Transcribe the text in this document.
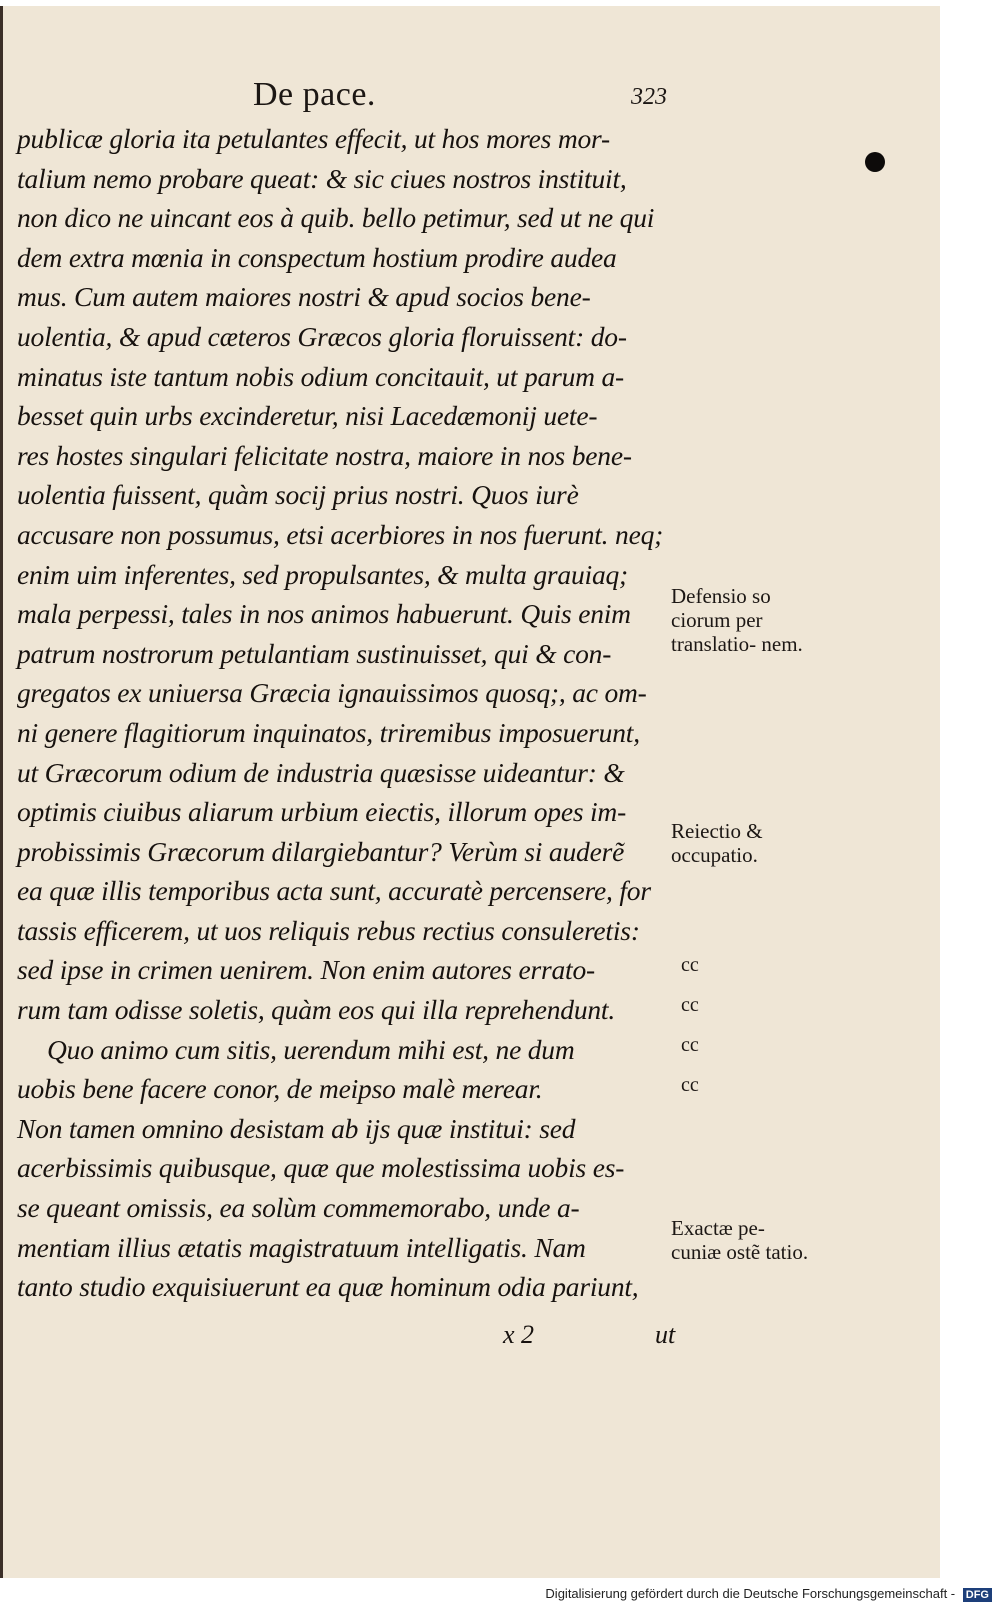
De pace.	323
publicæ gloria ita petulantes effecit, ut hos mores mor-
talium nemo probare queat: & sic ciues nostros instituit,
non dico ne uincant eos à quib. bello petimur, sed ut ne qui
dem extra mœnia in conspectum hostium prodire audea
mus. Cum autem maiores nostri & apud socios bene-
uolentia, & apud cæteros Græcos gloria floruissent: do-
minatus iste tantum nobis odium concitauit, ut parum a-
besset quin urbs excinderetur, nisi Lacedæmonij uete-
res hostes singulari felicitate nostra, maiore in nos bene-
uolentia fuissent, quàm socij prius nostri. Quos iurè
accusare non possumus, etsi acerbiores in nos fuerunt. neq;
enim uim inferentes, sed propulsantes, & multa grauiaq;
mala perpessi, tales in nos animos habuerunt. Quis enim
patrum nostrorum petulantiam sustinuisset, qui & con-
gregatos ex uniuersa Græcia ignauissimos quosq;, ac om-
ni genere flagitiorum inquinatos, triremibus imposuerunt,
ut Græcorum odium de industria quæsisse uideantur: &
optimis ciuibus aliarum urbium eiectis, illorum opes im-
probissimis Græcorum dilargiebantur? Verùm si auderẽ
ea quæ illis temporibus acta sunt, accuratè percensere, for
tassis efficerem, ut uos reliquis rebus rectius consuleretis:
sed ipse in crimen uenirem. Non enim autores errato-
rum tam odisse soletis, quàm eos qui illa reprehendunt.
Quo animo cum sitis, uerendum mihi est, ne dum
uobis bene facere conor, de meipso malè merear.
Non tamen omnino desistam ab ijs quæ institui: sed
acerbissimis quibusque, quæ que molestissima uobis es-
se queant omissis, ea solùm commemorabo, unde a-
mentiam illius ætatis magistratuum intelligatis. Nam
tanto studio exquisiuerunt ea quæ hominum odia pariunt,
Defensio so ciorum per translatio- nem.
Reiectio & occupatio.
Exactæ pe- cuniæ ostẽ tatio.
cc
cc
cc
cc
x 2	ut
Digitalisierung gefördert durch die Deutsche Forschungsgemeinschaft - DFG
